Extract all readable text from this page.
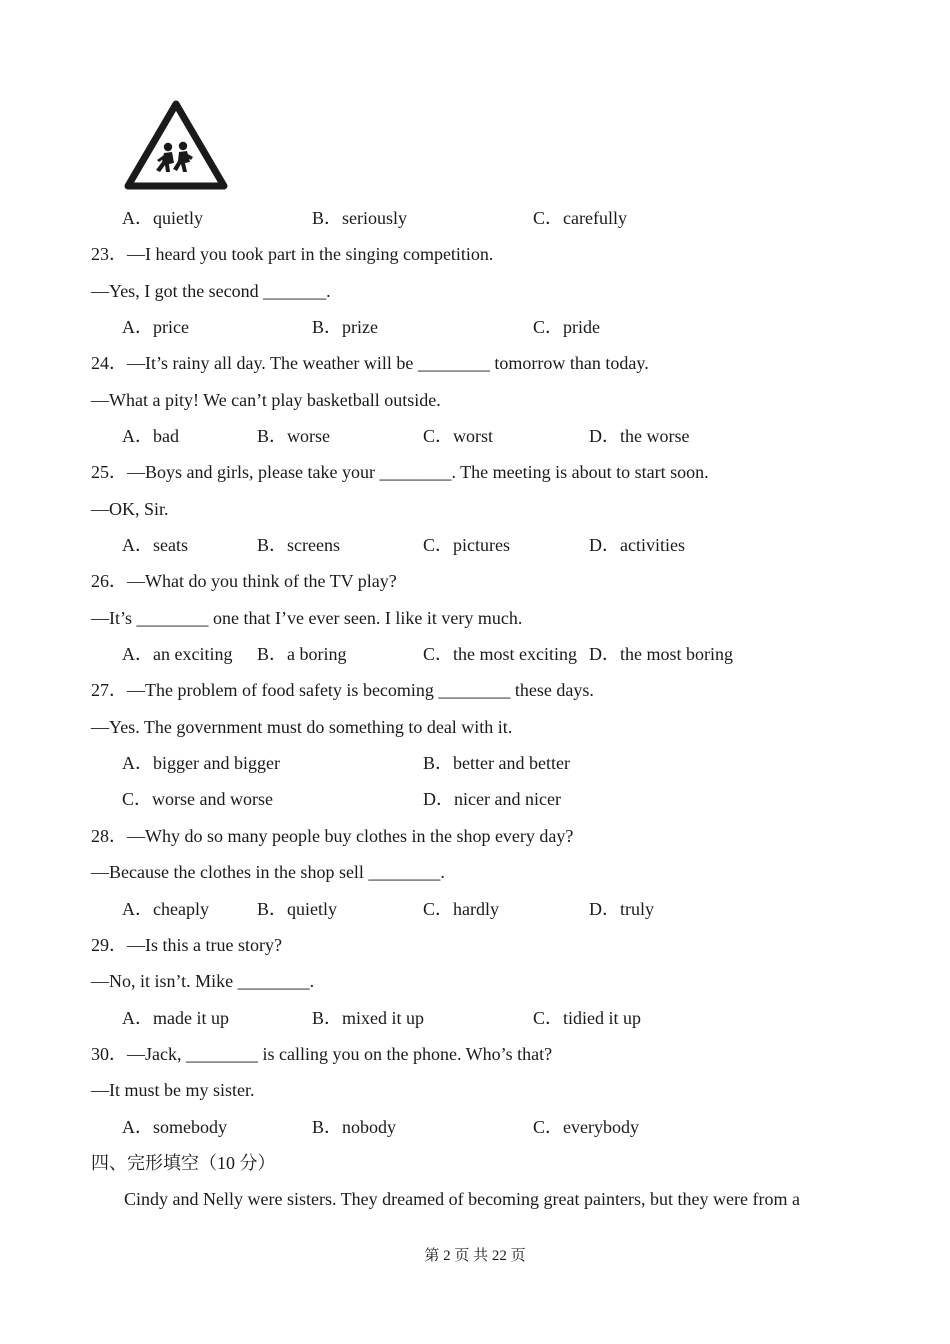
A．quietly	B．seriously	C．carefully
23．—I heard you took part in the singing competition.
—Yes, I got the second _______.
A．price	B．prize	C．pride
24．—It’s rainy all day. The weather will be ________ tomorrow than today.
—What a pity! We can’t play basketball outside.
A．bad	B．worse	C．worst	D．the worse
25．—Boys and girls, please take your ________. The meeting is about to start soon.
—OK, Sir.
A．seats	B．screens	C．pictures	D．activities
26．—What do you think of the TV play?
—It’s ________ one that I’ve ever seen. I like it very much.
A．an exciting B．a boring	C．the most exciting D．the most boring
27．—The problem of food safety is becoming ________ these days.
—Yes. The government must do something to deal with it.
A．bigger and bigger	B．better and better
C．worse and worse	D．nicer and nicer
28．—Why do so many people buy clothes in the shop every day?
—Because the clothes in the shop sell ________.
A．cheaply	B．quietly	C．hardly	D．truly
29．—Is this a true story?
—No, it isn’t. Mike ________.
A．made it up	B．mixed it up	C．tidied it up
30．—Jack, ________ is calling you on the phone. Who’s that?
—It must be my sister.
A．somebody	B．nobody	C．everybody
四、完形填空（10 分）
Cindy and Nelly were sisters. They dreamed of becoming great painters, but they were from a
第 2 页 共 22 页
